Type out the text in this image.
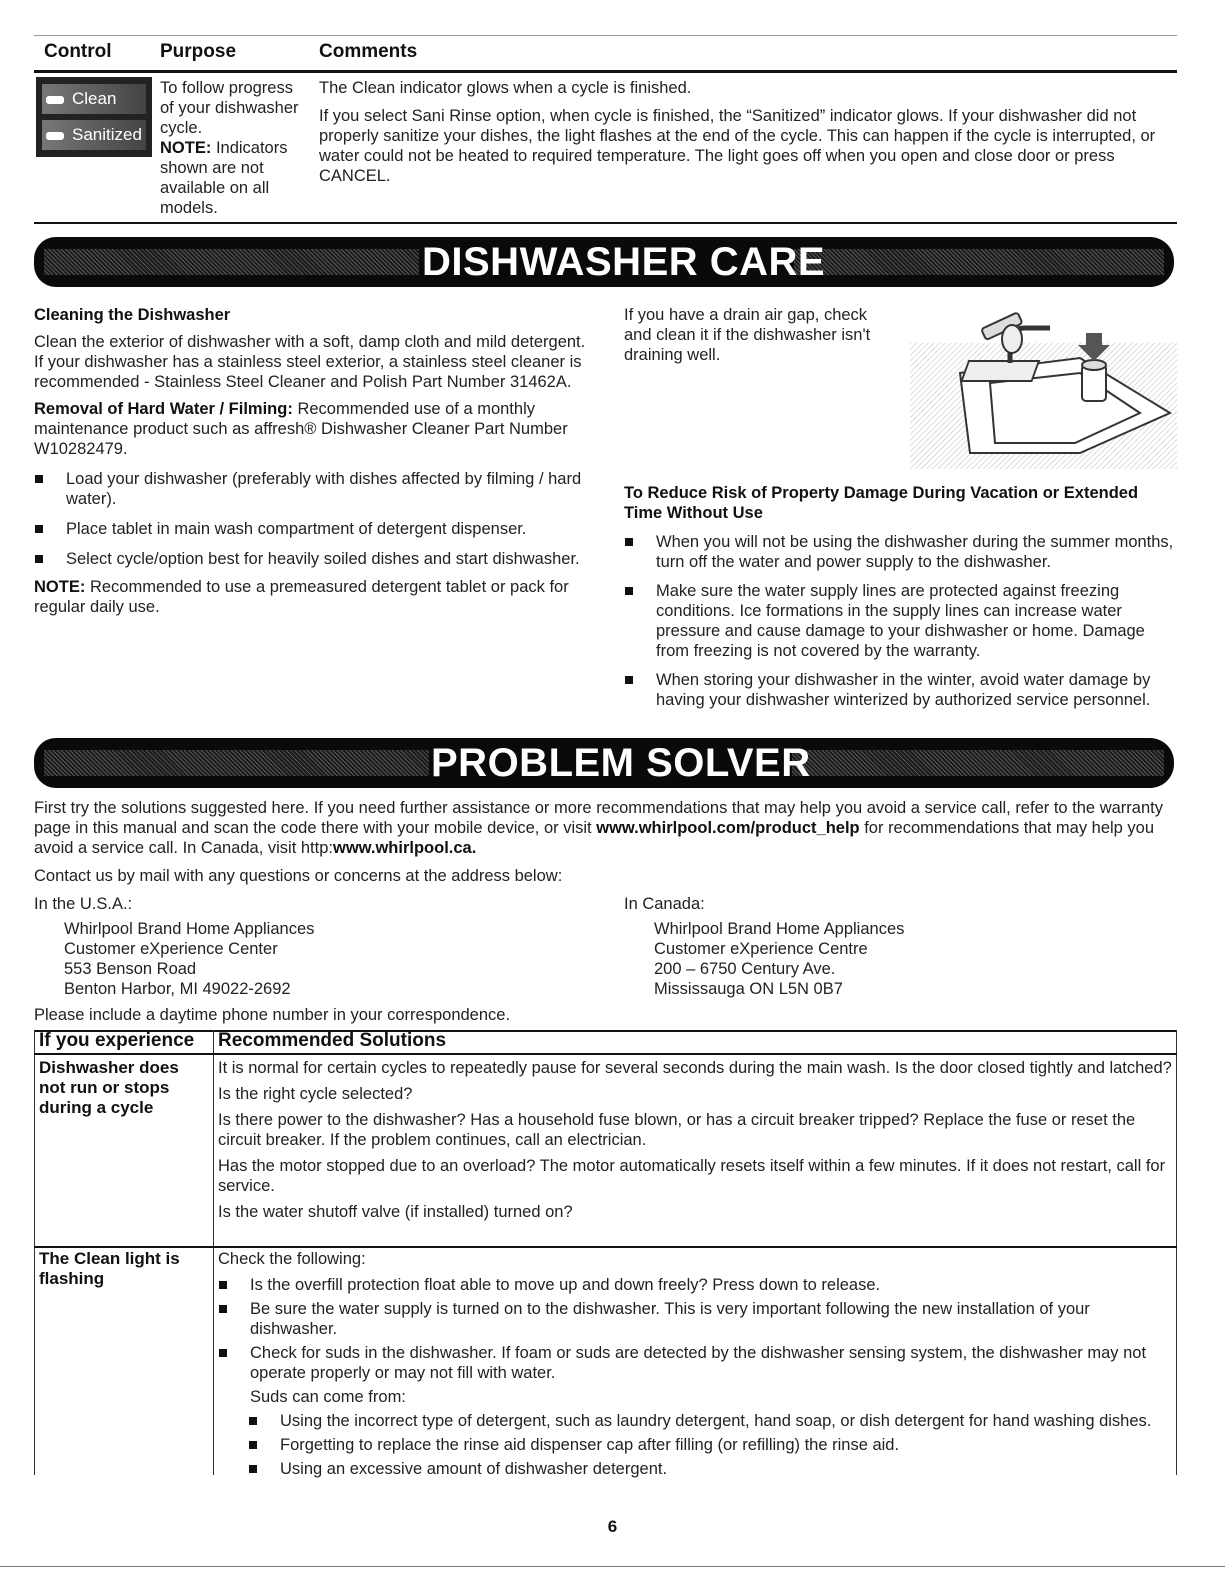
Control	Purpose	Comments
Clean
Sanitized
To follow progress of your dishwasher cycle.
NOTE: Indicators shown are not available on all models.

The Clean indicator glows when a cycle is finished.

If you select Sani Rinse option, when cycle is finished, the “Sanitized” indicator glows. If your dishwasher did not properly sanitize your dishes, the light flashes at the end of the cycle. This can happen if the cycle is interrupted, or water could not be heated to required temperature. The light goes off when you open and close door or press CANCEL.

DISHWASHER CARE

Cleaning the Dishwasher

Clean the exterior of dishwasher with a soft, damp cloth and mild detergent. If your dishwasher has a stainless steel exterior, a stainless steel cleaner is recommended - Stainless Steel Cleaner and Polish Part Number 31462A.

Removal of Hard Water / Filming: Recommended use of a monthly maintenance product such as affresh® Dishwasher Cleaner Part Number W10282479.

Load your dishwasher (preferably with dishes affected by filming / hard water).
Place tablet in main wash compartment of detergent dispenser.
Select cycle/option best for heavily soiled dishes and start dishwasher.

NOTE: Recommended to use a premeasured detergent tablet or pack for regular daily use.

If you have a drain air gap, check and clean it if the dishwasher isn't draining well.

To Reduce Risk of Property Damage During Vacation or Extended Time Without Use

When you will not be using the dishwasher during the summer months, turn off the water and power supply to the dishwasher.
Make sure the water supply lines are protected against freezing conditions. Ice formations in the supply lines can increase water pressure and cause damage to your dishwasher or home. Damage from freezing is not covered by the warranty.
When storing your dishwasher in the winter, avoid water damage by having your dishwasher winterized by authorized service personnel.
PROBLEM SOLVER
First try the solutions suggested here. If you need further assistance or more recommendations that may help you avoid a service call, refer to the warranty page in this manual and scan the code there with your mobile device, or visit www.whirlpool.com/product_help for recommendations that may help you avoid a service call. In Canada, visit http:www.whirlpool.ca.
Contact us by mail with any questions or concerns at the address below:

In the U.S.A.:

Whirlpool Brand Home Appliances
Customer eXperience Center
553 Benson Road
Benton Harbor, MI 49022-2692

In Canada:

Whirlpool Brand Home Appliances
Customer eXperience Centre
200 – 6750 Century Ave.
Mississauga ON L5N 0B7
Please include a daytime phone number in your correspondence.
If you experience Recommended Solutions
Dishwasher does not run or stops during a cycle

It is normal for certain cycles to repeatedly pause for several seconds during the main wash. Is the door closed tightly and latched?

Is the right cycle selected?

Is there power to the dishwasher? Has a household fuse blown, or has a circuit breaker tripped? Replace the fuse or reset the circuit breaker. If the problem continues, call an electrician.

Has the motor stopped due to an overload? The motor automatically resets itself within a few minutes. If it does not restart, call for service.

Is the water shutoff valve (if installed) turned on?

The Clean light is flashing

Check the following:

Is the overfill protection float able to move up and down freely? Press down to release.
Be sure the water supply is turned on to the dishwasher. This is very important following the new installation of your dishwasher.
Check for suds in the dishwasher. If foam or suds are detected by the dishwasher sensing system, the dishwasher may not operate properly or may not fill with water.

Suds can come from:

Using the incorrect type of detergent, such as laundry detergent, hand soap, or dish detergent for hand washing dishes.
Forgetting to replace the rinse aid dispenser cap after filling (or refilling) the rinse aid.
Using an excessive amount of dishwasher detergent.
6
